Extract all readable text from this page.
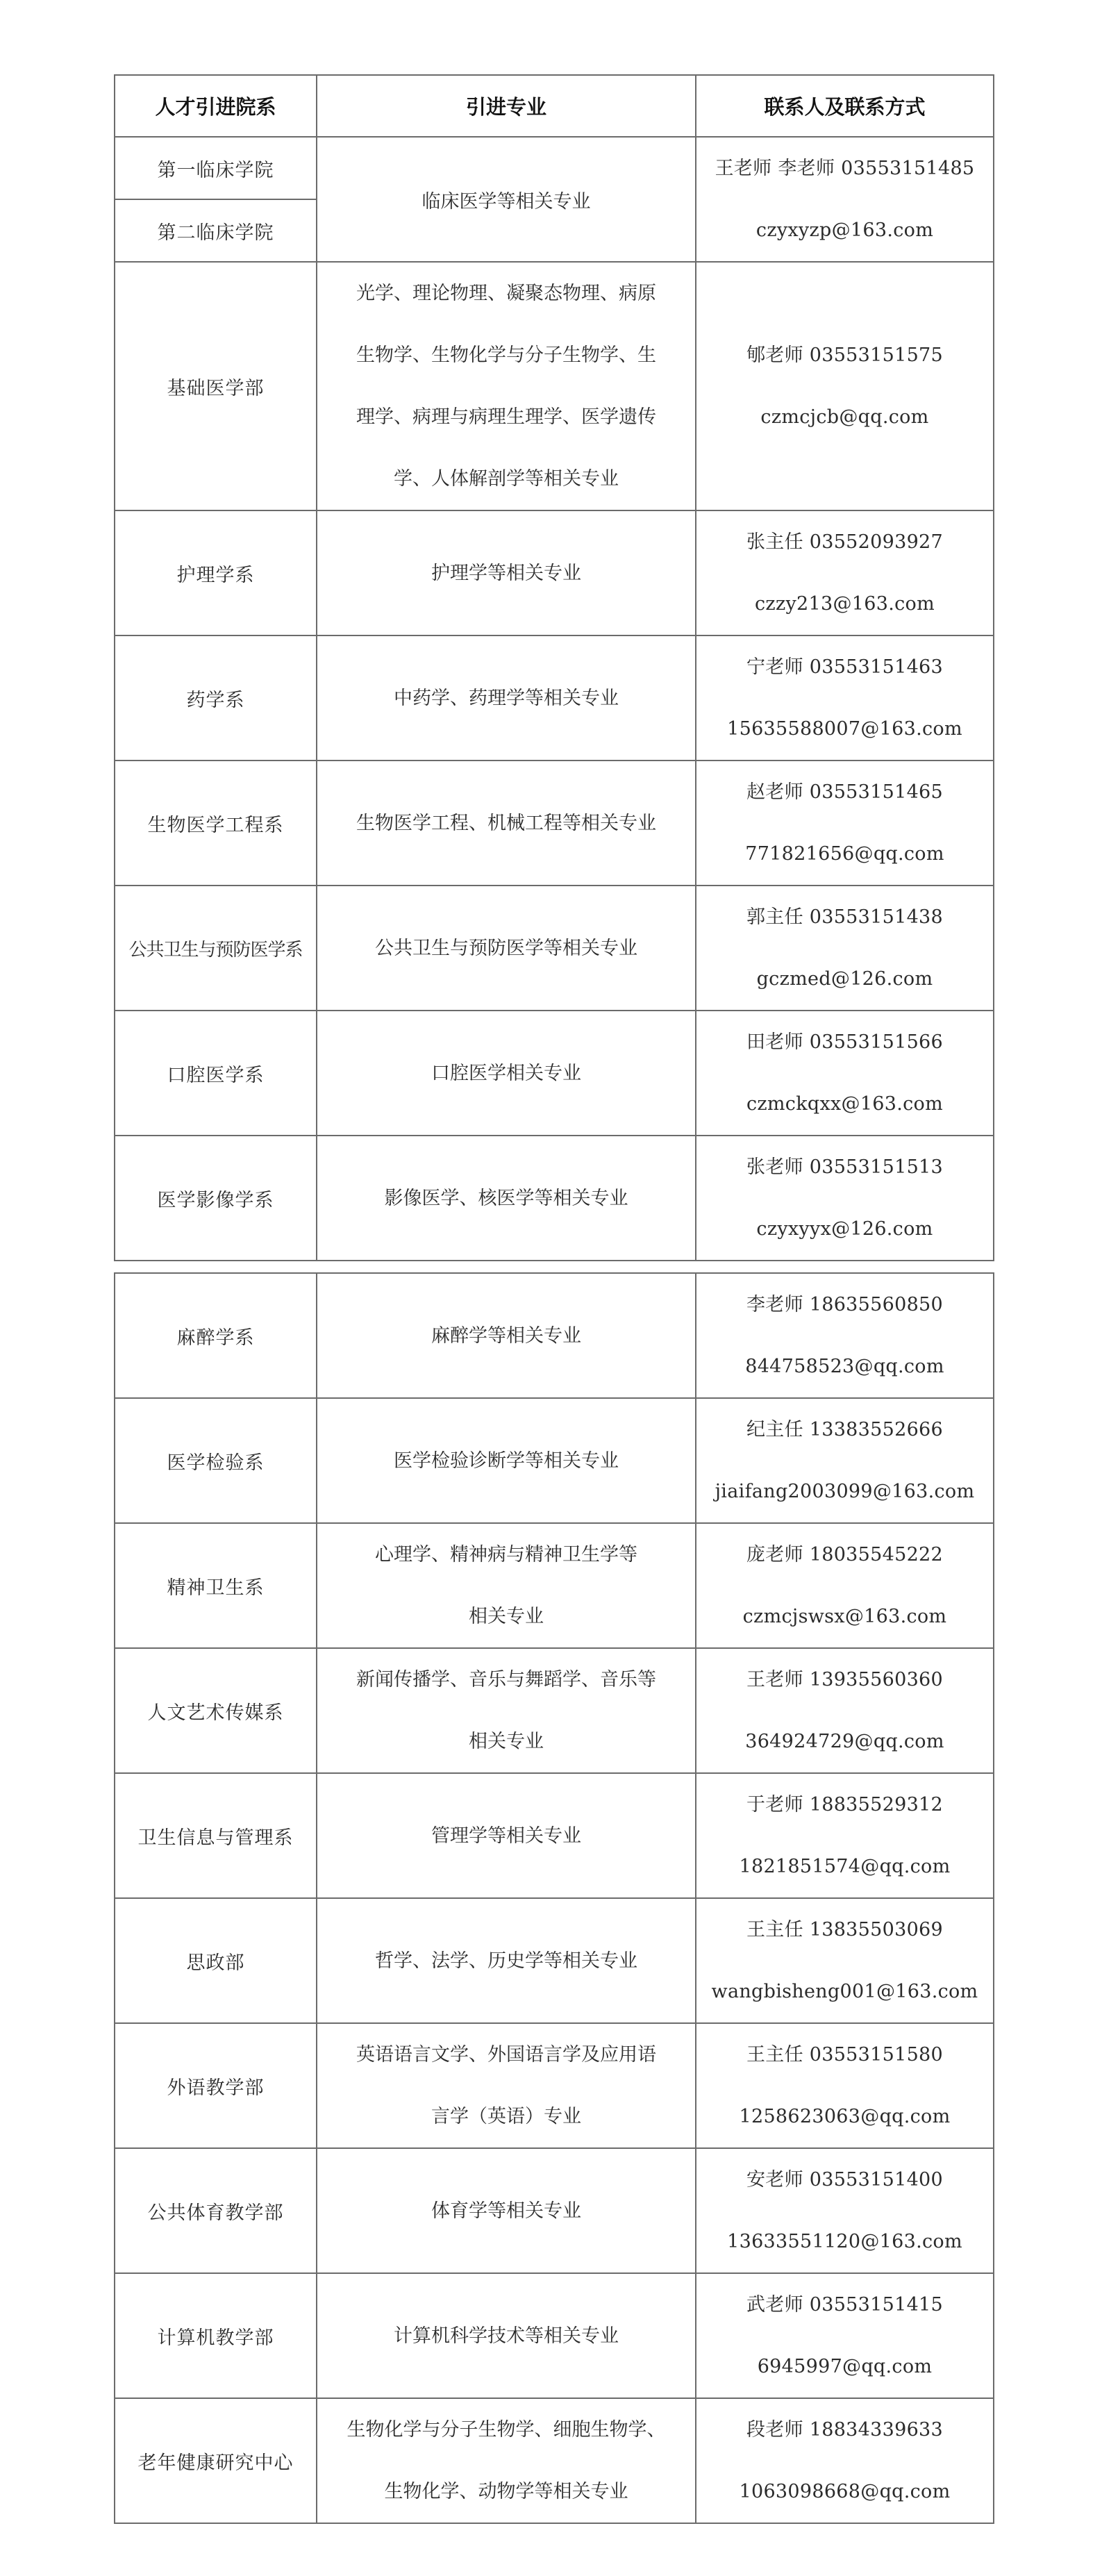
人才引进院系	引进专业	联系人及联系方式
第一临床学院	临床医学等相关专业	王老师 李老师 03553151485
czyxyzp@163.com

第二临床学院		
基础医学部	光学、理论物理、凝聚态物理、病原
生物学、生物化学与分子生物学、生
理学、病理与病理生理学、医学遗传
学、人体解剖学等相关专业	郇老师 03553151575
czmcjcb@qq.com

护理学系	护理学等相关专业	张主任 03552093927
czzy213@163.com

药学系	中药学、药理学等相关专业	宁老师 03553151463
15635588007@163.com

生物医学工程系	生物医学工程、机械工程等相关专业	赵老师 03553151465
771821656@qq.com

公共卫生与预防医学系	公共卫生与预防医学等相关专业	郭主任 03553151438
gczmed@126.com

口腔医学系	口腔医学相关专业	田老师 03553151566
czmckqxx@163.com

医学影像学系	影像医学、核医学等相关专业	张老师 03553151513
czyxyyx@126.com
麻醉学系	麻醉学等相关专业	李老师 18635560850
844758523@qq.com

医学检验系	医学检验诊断学等相关专业	纪主任 13383552666
jiaifang2003099@163.com

精神卫生系	心理学、精神病与精神卫生学等
相关专业	庞老师 18035545222
czmcjswsx@163.com

人文艺术传媒系	新闻传播学、音乐与舞蹈学、音乐等
相关专业	王老师 13935560360
364924729@qq.com

卫生信息与管理系	管理学等相关专业	于老师 18835529312
1821851574@qq.com

思政部	哲学、法学、历史学等相关专业	王主任 13835503069
wangbisheng001@163.com

外语教学部	英语语言文学、外国语言学及应用语
言学（英语）专业	王主任 03553151580
1258623063@qq.com

公共体育教学部	体育学等相关专业	安老师 03553151400
13633551120@163.com

计算机教学部	计算机科学技术等相关专业	武老师 03553151415
6945997@qq.com

老年健康研究中心	生物化学与分子生物学、细胞生物学、
生物化学、动物学等相关专业	段老师 18834339633
1063098668@qq.com
